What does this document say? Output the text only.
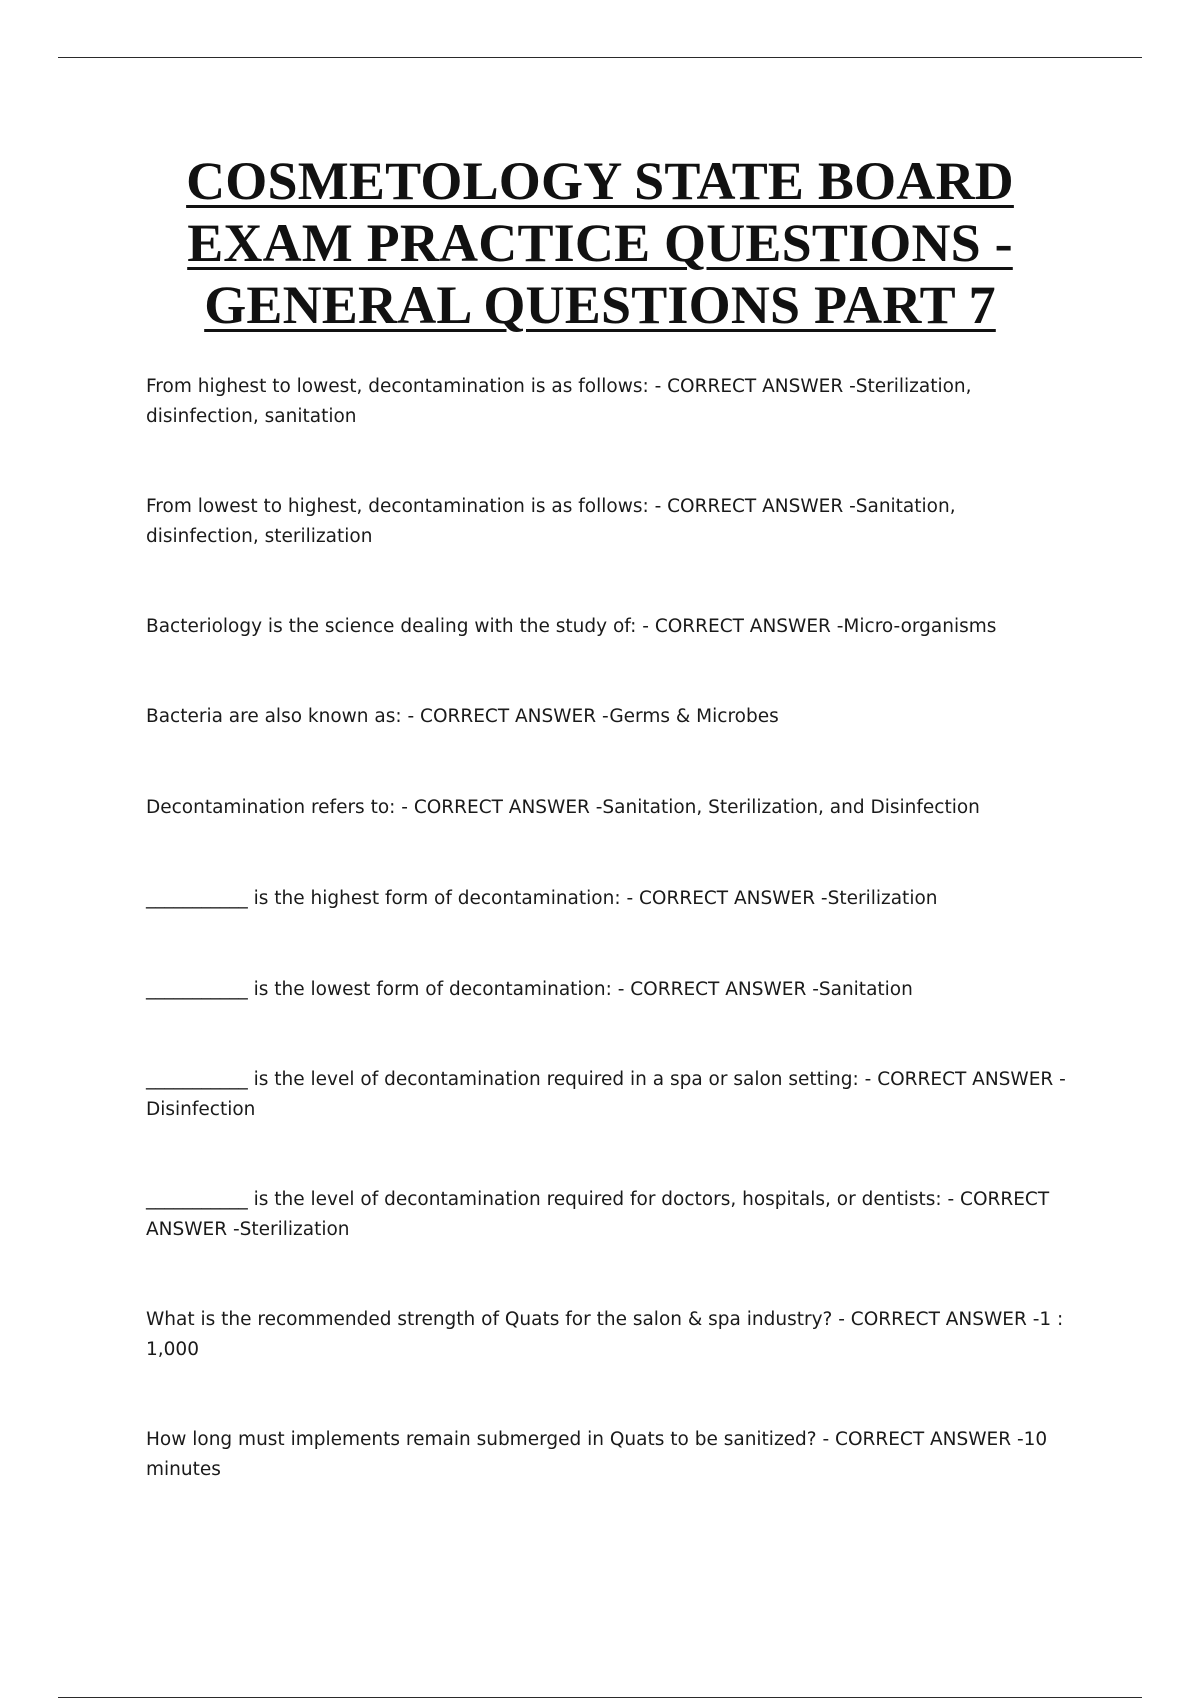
COSMETOLOGY STATE BOARD
EXAM PRACTICE QUESTIONS -
GENERAL QUESTIONS PART 7
From highest to lowest, decontamination is as follows: - CORRECT ANSWER -Sterilization, disinfection, sanitation
From lowest to highest, decontamination is as follows: - CORRECT ANSWER -Sanitation, disinfection, sterilization
Bacteriology is the science dealing with the study of: - CORRECT ANSWER -Micro-organisms
Bacteria are also known as: - CORRECT ANSWER -Germs & Microbes
Decontamination refers to: - CORRECT ANSWER -Sanitation, Sterilization, and Disinfection
___________ is the highest form of decontamination: - CORRECT ANSWER -Sterilization
___________ is the lowest form of decontamination: - CORRECT ANSWER -Sanitation
___________ is the level of decontamination required in a spa or salon setting: - CORRECT ANSWER -Disinfection
___________ is the level of decontamination required for doctors, hospitals, or dentists: - CORRECT ANSWER -Sterilization
What is the recommended strength of Quats for the salon & spa industry? - CORRECT ANSWER -1 : 1,000
How long must implements remain submerged in Quats to be sanitized? - CORRECT ANSWER -10 minutes
